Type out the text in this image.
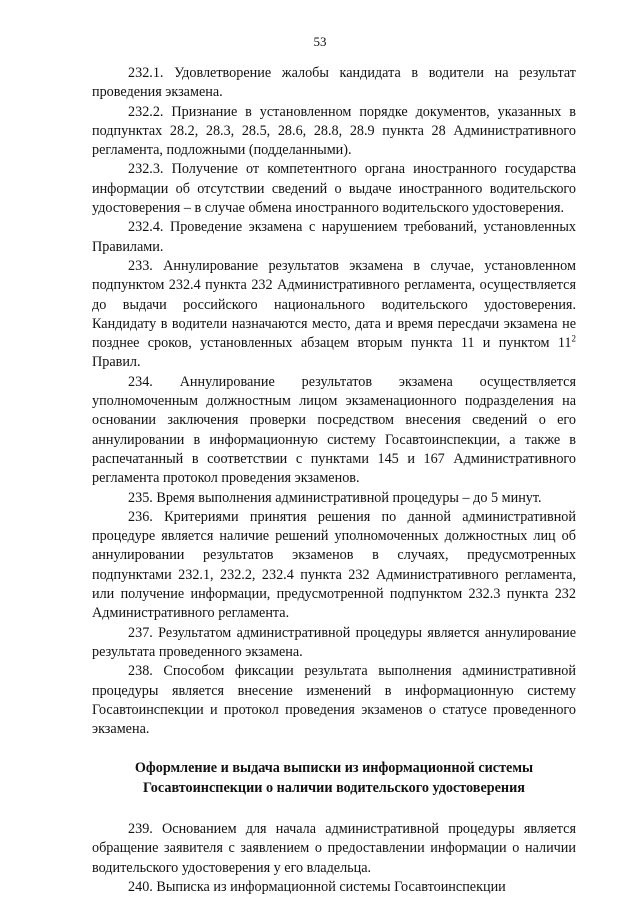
53

232.1. Удовлетворение жалобы кандидата в водители на результат проведения экзамена.

232.2. Признание в установленном порядке документов, указанных в подпунктах 28.2, 28.3, 28.5, 28.6, 28.8, 28.9 пункта 28 Административного регламента, подложными (подделанными).

232.3. Получение от компетентного органа иностранного государства информации об отсутствии сведений о выдаче иностранного водительского удостоверения – в случае обмена иностранного водительского удостоверения.

232.4. Проведение экзамена с нарушением требований, установленных Правилами.

233. Аннулирование результатов экзамена в случае, установленном подпунктом 232.4 пункта 232 Административного регламента, осуществляется до выдачи российского национального водительского удостоверения. Кандидату в водители назначаются место, дата и время пересдачи экзамена не позднее сроков, установленных абзацем вторым пункта 11 и пунктом $11^2$ Правил.

234. Аннулирование результатов экзамена осуществляется уполномоченным должностным лицом экзаменационного подразделения на основании заключения проверки посредством внесения сведений о его аннулировании в информационную систему Госавтоинспекции, а также в распечатанный в соответствии с пунктами 145 и 167 Административного регламента протокол проведения экзаменов.

235. Время выполнения административной процедуры – до 5 минут.

236. Критериями принятия решения по данной административной процедуре является наличие решений уполномоченных должностных лиц об аннулировании результатов экзаменов в случаях, предусмотренных подпунктами 232.1, 232.2, 232.4 пункта 232 Административного регламента, или получение информации, предусмотренной подпунктом 232.3 пункта 232 Административного регламента.

237. Результатом административной процедуры является аннулирование результата проведенного экзамена.

238. Способом фиксации результата выполнения административной процедуры является внесение изменений в информационную систему Госавтоинспекции и протокол проведения экзаменов о статусе проведенного экзамена.

Оформление и выдача выписки из информационной системы Госавтоинспекции о наличии водительского удостоверения

239. Основанием для начала административной процедуры является обращение заявителя с заявлением о предоставлении информации о наличии водительского удостоверения у его владельца.

240. Выписка из информационной системы Госавтоинспекции
